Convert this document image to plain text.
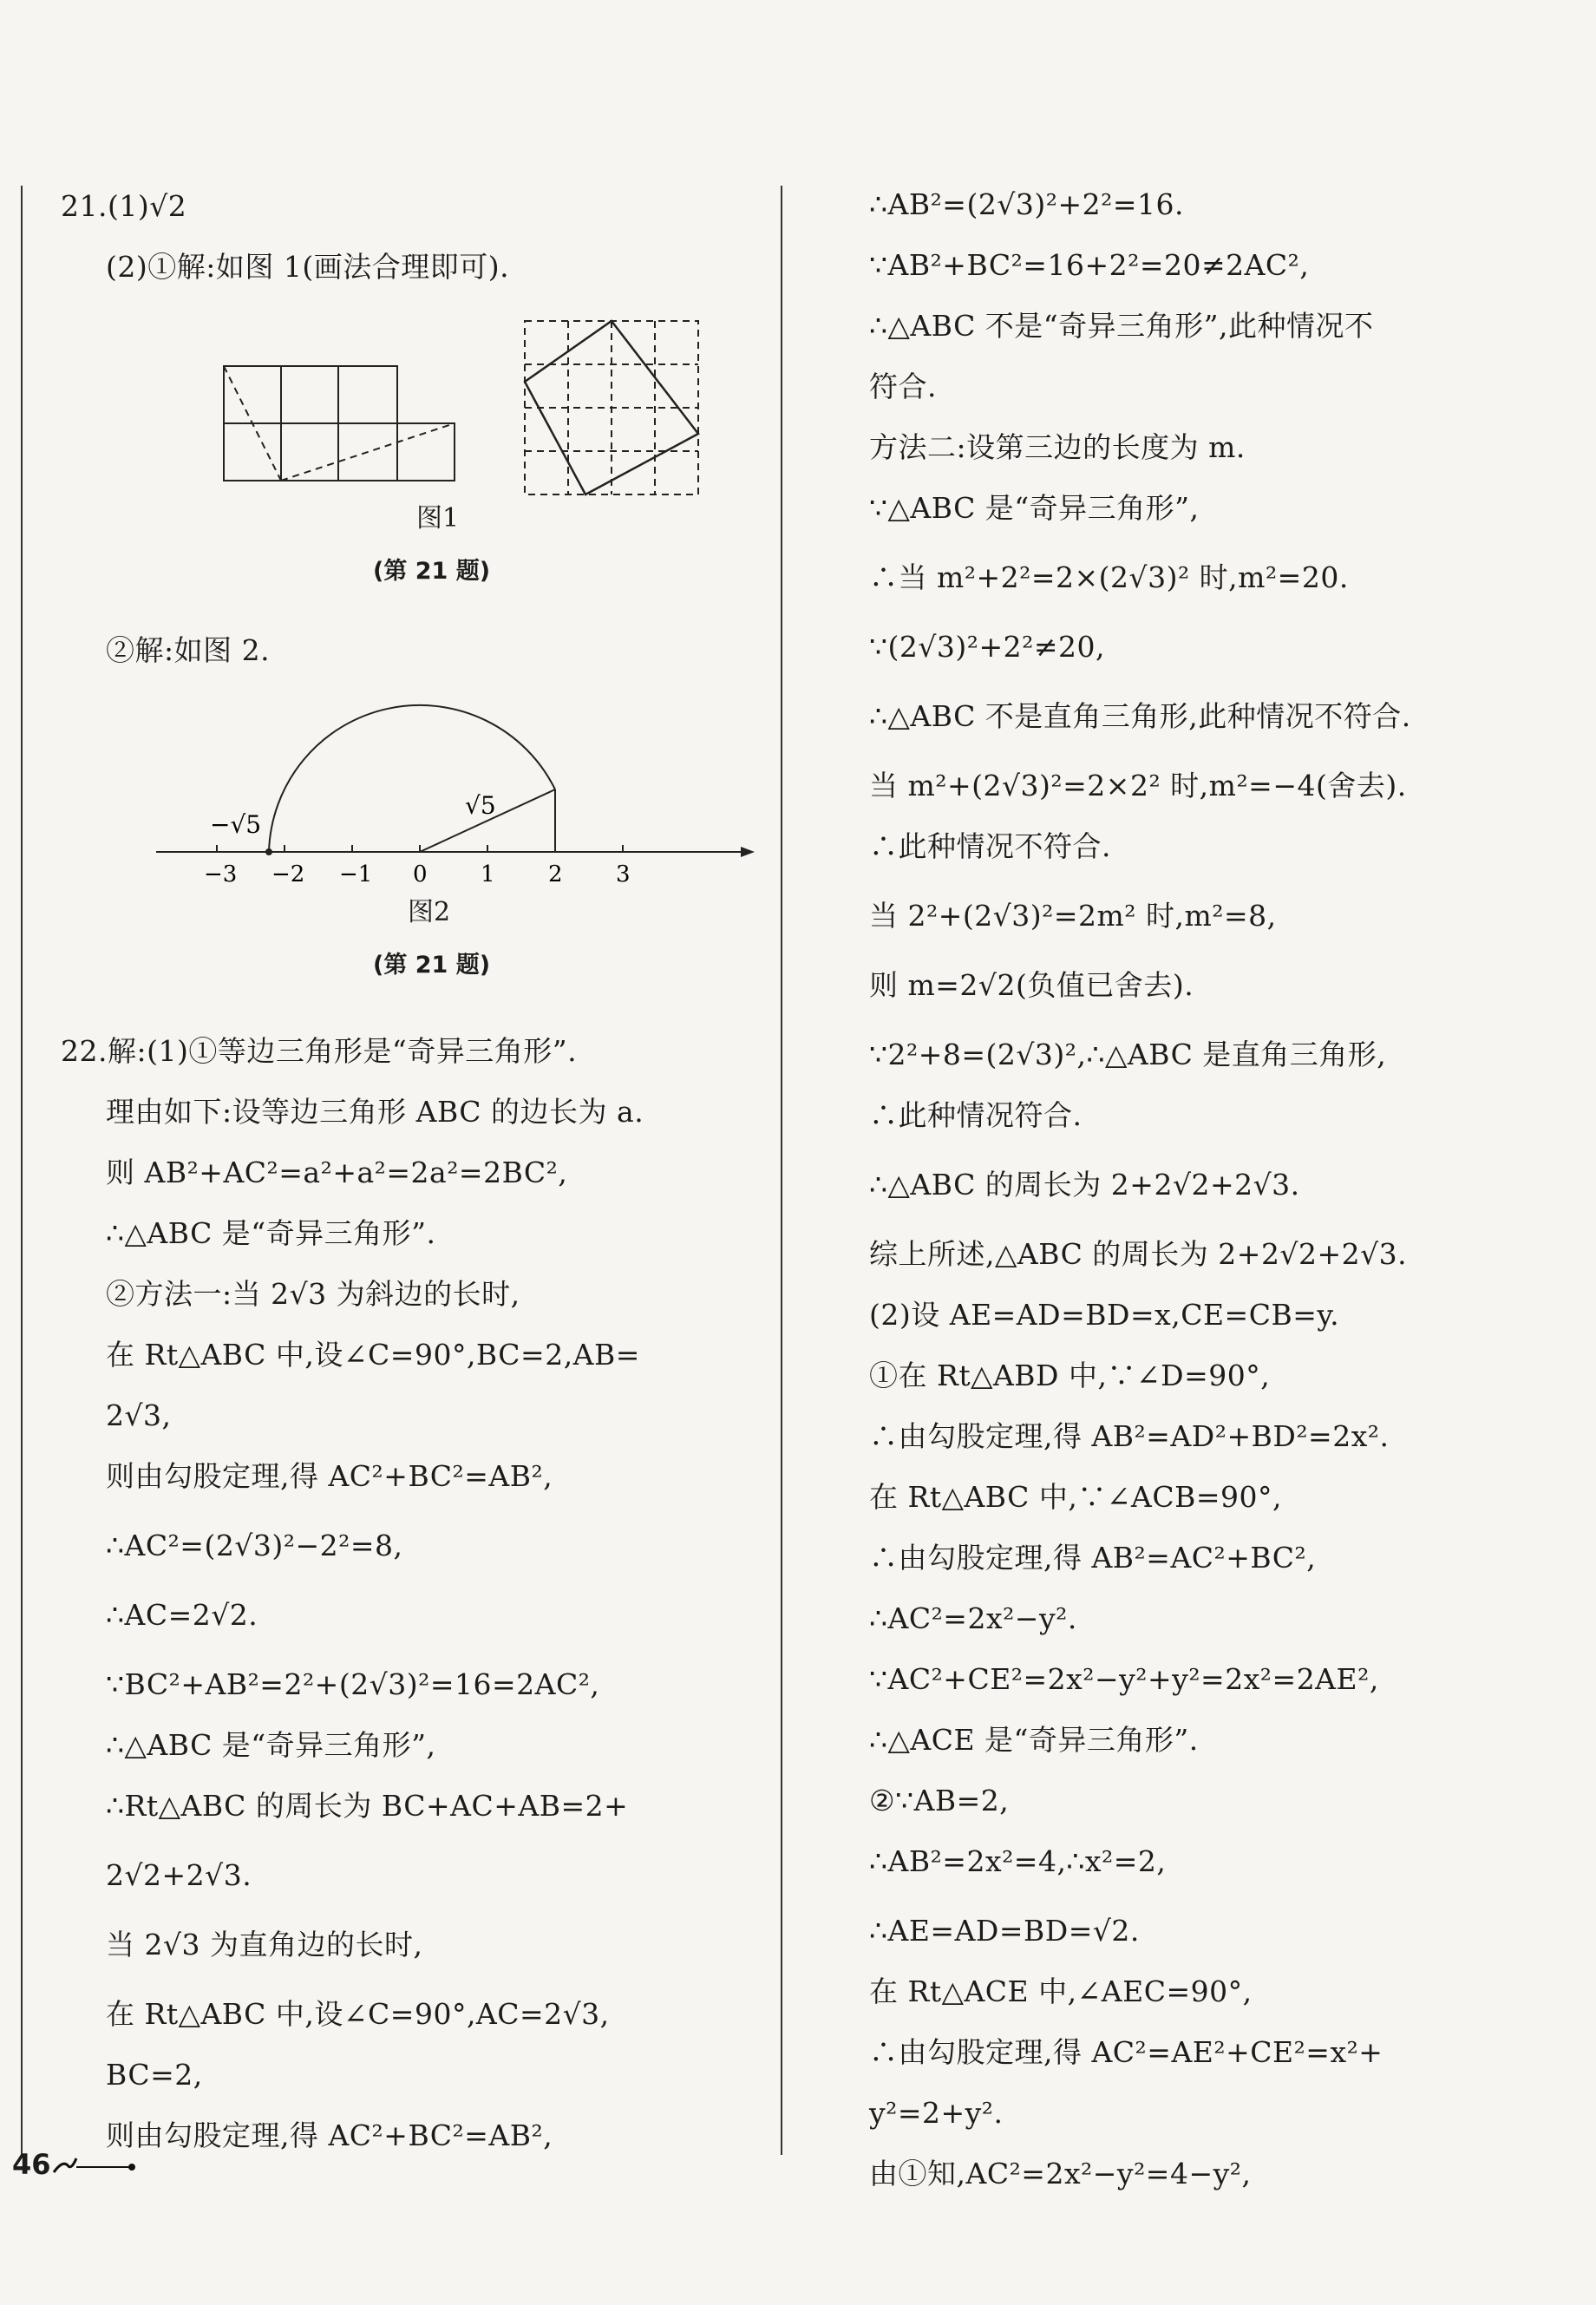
21.(1)√2
(2)①解:如图 1(画法合理即可).
图1
(第 21 题)
②解:如图 2.
−√5
√5
−3 −2 −1 0 1 2 3
图2
(第 21 题)
22.解:(1)①等边三角形是“奇异三角形”.
理由如下:设等边三角形 ABC 的边长为 a.
则 AB²+AC²=a²+a²=2a²=2BC²,
∴△ABC 是“奇异三角形”.
②方法一:当 2√3 为斜边的长时,
在 Rt△ABC 中,设∠C=90°,BC=2,AB=
2√3,
则由勾股定理,得 AC²+BC²=AB²,
∴AC²=(2√3)²−2²=8,
∴AC=2√2.
∵BC²+AB²=2²+(2√3)²=16=2AC²,
∴△ABC 是“奇异三角形”,
∴Rt△ABC 的周长为 BC+AC+AB=2+
2√2+2√3.
当 2√3 为直角边的长时,
在 Rt△ABC 中,设∠C=90°,AC=2√3,
BC=2,
则由勾股定理,得 AC²+BC²=AB²,
∴AB²=(2√3)²+2²=16.
∵AB²+BC²=16+2²=20≠2AC²,
∴△ABC 不是“奇异三角形”,此种情况不
符合.
方法二:设第三边的长度为 m.
∵△ABC 是“奇异三角形”,
∴当 m²+2²=2×(2√3)² 时,m²=20.
∵(2√3)²+2²≠20,
∴△ABC 不是直角三角形,此种情况不符合.
当 m²+(2√3)²=2×2² 时,m²=−4(舍去).
∴此种情况不符合.
当 2²+(2√3)²=2m² 时,m²=8,
则 m=2√2(负值已舍去).
∵2²+8=(2√3)²,∴△ABC 是直角三角形,
∴此种情况符合.
∴△ABC 的周长为 2+2√2+2√3.
综上所述,△ABC 的周长为 2+2√2+2√3.
(2)设 AE=AD=BD=x,CE=CB=y.
①在 Rt△ABD 中,∵∠D=90°,
∴由勾股定理,得 AB²=AD²+BD²=2x².
在 Rt△ABC 中,∵∠ACB=90°,
∴由勾股定理,得 AB²=AC²+BC²,
∴AC²=2x²−y².
∵AC²+CE²=2x²−y²+y²=2x²=2AE²,
∴△ACE 是“奇异三角形”.
②∵AB=2,
∴AB²=2x²=4,∴x²=2,
∴AE=AD=BD=√2.
在 Rt△ACE 中,∠AEC=90°,
∴由勾股定理,得 AC²=AE²+CE²=x²+
y²=2+y².
由①知,AC²=2x²−y²=4−y²,
46
